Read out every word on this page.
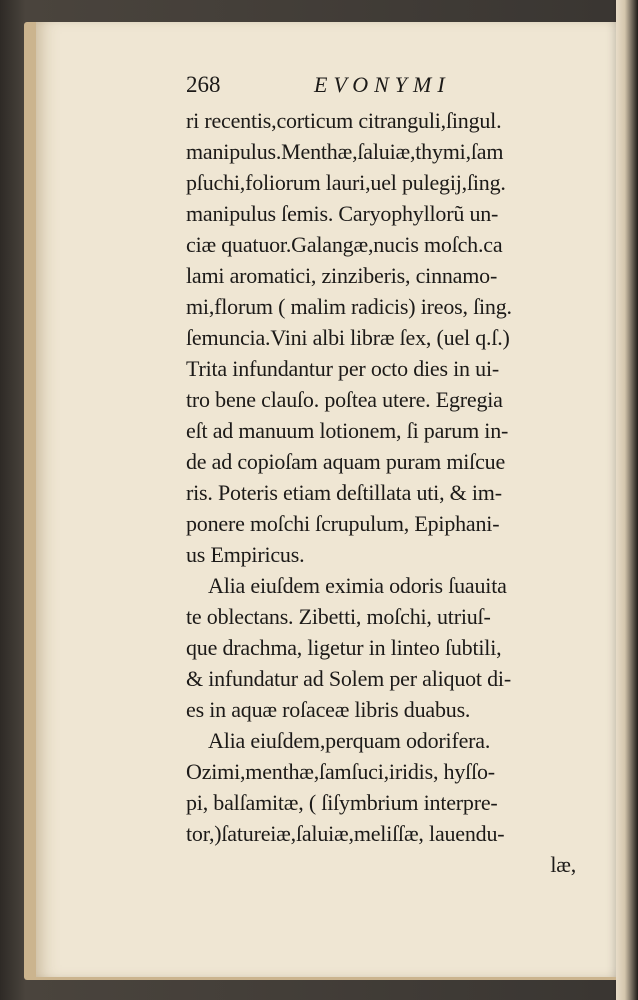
268	EVONYMI
ri recentis,corticum citranguli,ſingul.
manipulus.Menthæ,ſaluiæ,thymi,ſam
pſuchi,foliorum lauri,uel pulegij,ſing.
manipulus ſemis. Caryophyllorũ un-
ciæ quatuor.Galangæ,nucis moſch.ca
lami aromatici, zinziberis, cinnamo-
mi,florum ( malim radicis) ireos, ſing.
ſemuncia.Vini albi libræ ſex, (uel q.ſ.)
Trita infundantur per octo dies in ui-
tro bene clauſo. poſtea utere. Egregia
eſt ad manuum lotionem, ſi parum in-
de ad copioſam aquam puram miſcue
ris. Poteris etiam deſtillata uti, & im-
ponere moſchi ſcrupulum, Epiphani-
us Empiricus.
Alia eiuſdem eximia odoris ſuauita
te oblectans. Zibetti, moſchi, utriuſ-
que drachma, ligetur in linteo ſubtili,
& infundatur ad Solem per aliquot di-
es in aquæ roſaceæ libris duabus.
Alia eiuſdem,perquam odorifera.
Ozimi,menthæ,ſamſuci,iridis, hyſſo-
pi, balſamitæ, ( ſiſymbrium interpre-
tor,)ſatureiæ,ſaluiæ,meliſſæ, lauendu-
læ,
